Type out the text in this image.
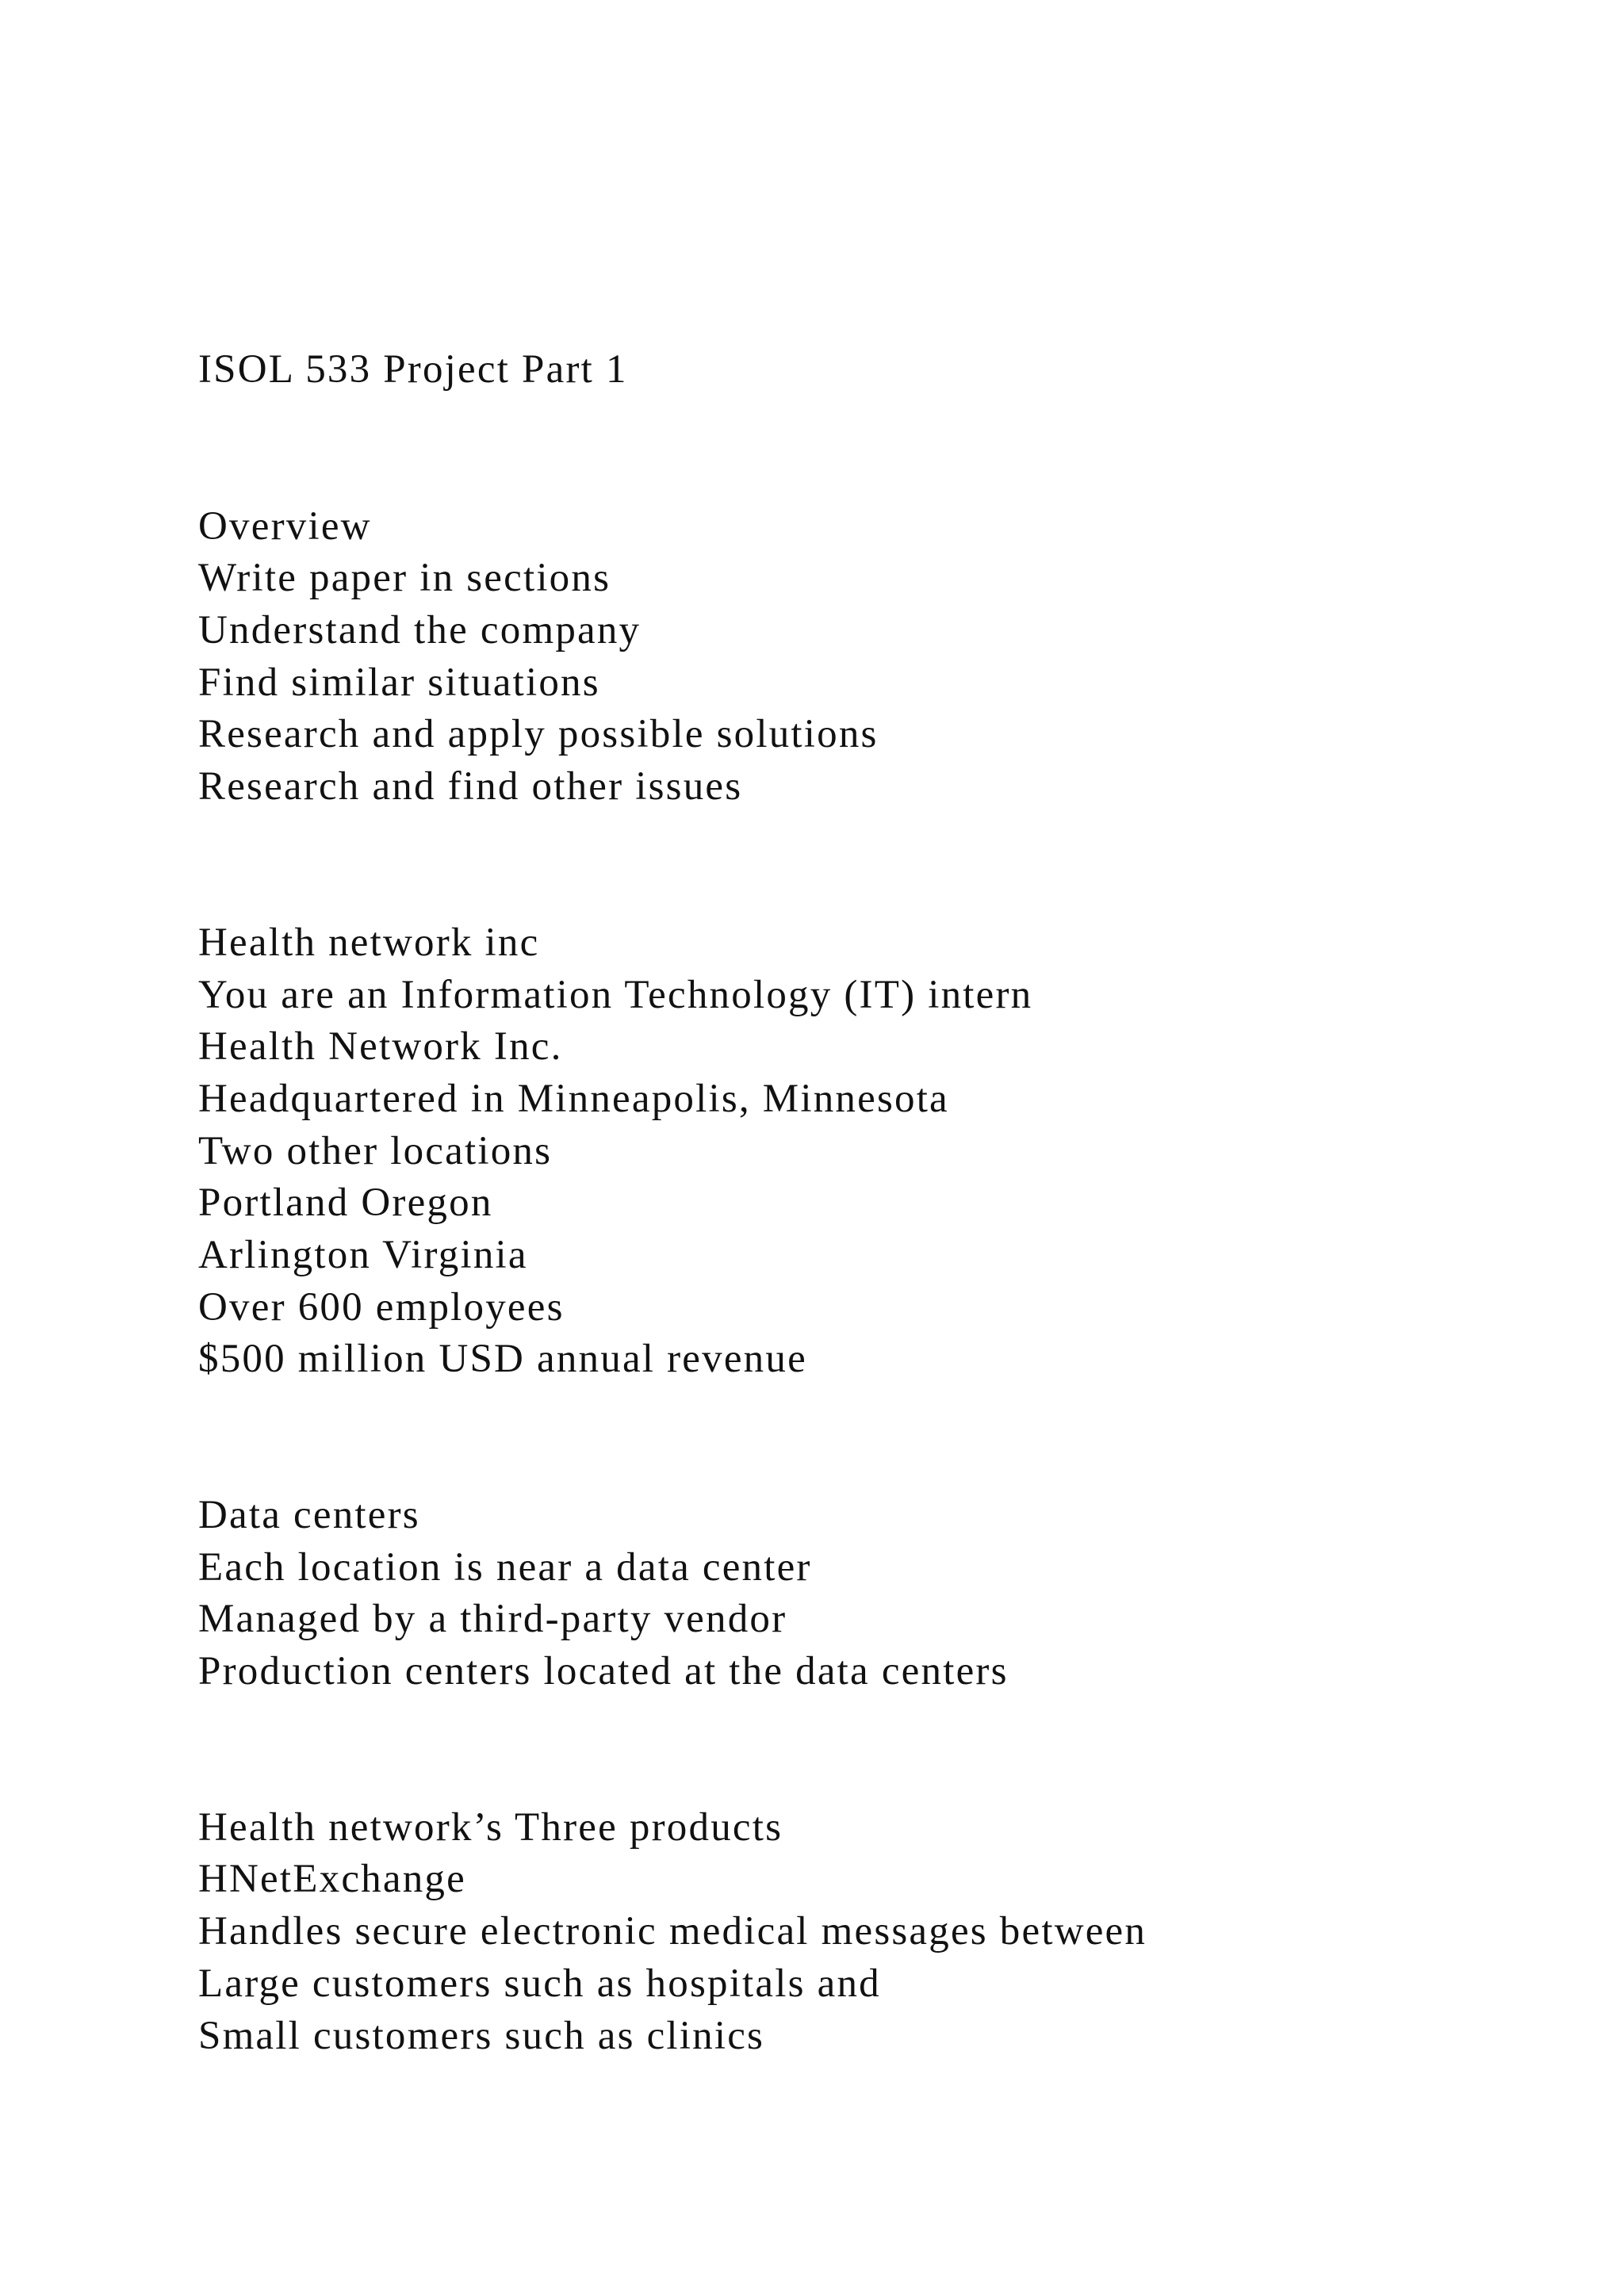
ISOL 533 Project Part 1
Overview
Write paper in sections
Understand the company
Find similar situations
Research and apply possible solutions
Research and find other issues
Health network inc
You are an Information Technology (IT) intern
Health Network Inc.
Headquartered in Minneapolis, Minnesota
Two other locations
Portland Oregon
Arlington Virginia
Over 600 employees
$500 million USD annual revenue
Data centers
Each location is near a data center
Managed by a third-party vendor
Production centers located at the data centers
Health network’s Three products
HNetExchange
Handles secure electronic medical messages between
Large customers such as hospitals and
Small customers such as clinics
